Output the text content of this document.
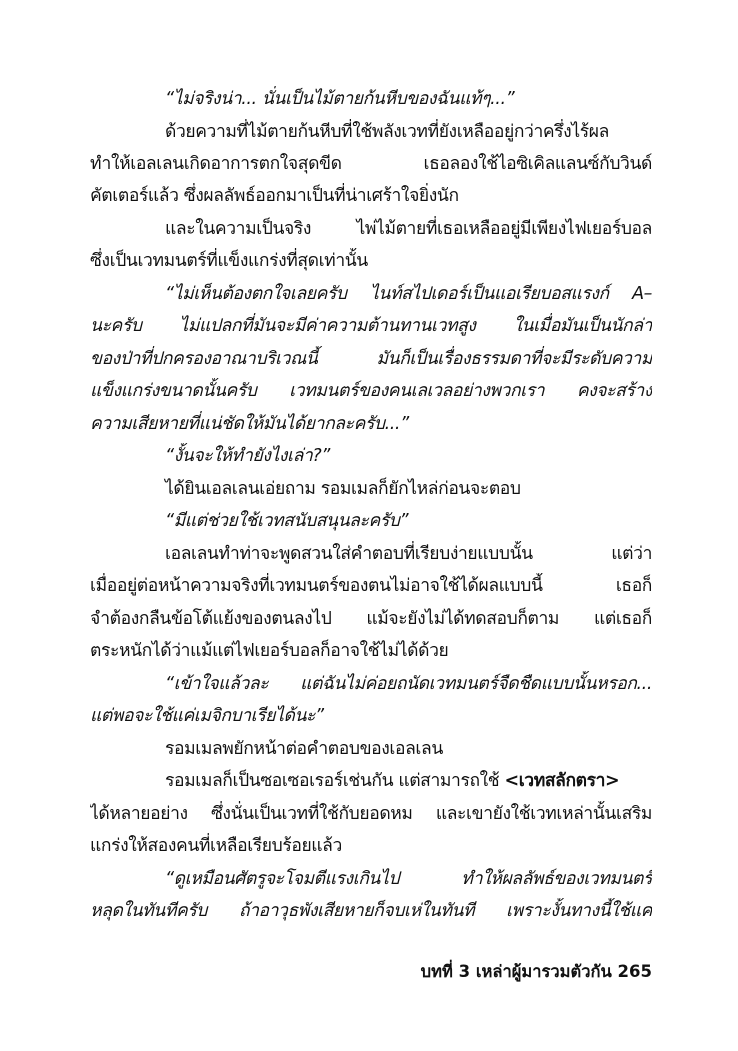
“ไม่จริงน่า... นั่นเป็นไม้ตายก้นหีบของฉันแท้ๆ...”
ด้วยความที่ไม้ตายก้นหีบที่ใช้พลังเวทที่ยังเหลืออยู่กว่าครึ่งไร้ผล
ทำให้เอลเลนเกิดอาการตกใจสุดขีด เธอลองใช้ไอซิเคิลแลนซ์กับวินด์
คัตเตอร์แล้ว ซึ่งผลลัพธ์ออกมาเป็นที่น่าเศร้าใจยิ่งนัก
และในความเป็นจริง ไพ่ไม้ตายที่เธอเหลืออยู่มีเพียงไฟเยอร์บอล
ซึ่งเป็นเวทมนตร์ที่แข็งแกร่งที่สุดเท่านั้น
“ไม่เห็นต้องตกใจเลยครับ ไนท์สไปเดอร์เป็นแอเรียบอสแรงก์ A–
นะครับ ไม่แปลกที่มันจะมีค่าความต้านทานเวทสูง ในเมื่อมันเป็นนักล่า
ของป่าที่ปกครองอาณาบริเวณนี้ มันก็เป็นเรื่องธรรมดาที่จะมีระดับความ
แข็งแกร่งขนาดนั้นครับ เวทมนตร์ของคนเลเวลอย่างพวกเรา คงจะสร้าง
ความเสียหายที่แน่ชัดให้มันได้ยากละครับ...”
“งั้นจะให้ทำยังไงเล่า?”
ได้ยินเอลเลนเอ่ยถาม รอมเมลก็ยักไหล่ก่อนจะตอบ
“มีแต่ช่วยใช้เวทสนับสนุนละครับ”
เอลเลนทำท่าจะพูดสวนใส่คำตอบที่เรียบง่ายแบบนั้น แต่ว่า
เมื่ออยู่ต่อหน้าความจริงที่เวทมนตร์ของตนไม่อาจใช้ได้ผลแบบนี้ เธอก็
จำต้องกลืนข้อโต้แย้งของตนลงไป แม้จะยังไม่ได้ทดสอบก็ตาม แต่เธอก็
ตระหนักได้ว่าแม้แต่ไฟเยอร์บอลก็อาจใช้ไม่ได้ด้วย
“เข้าใจแล้วละ แต่ฉันไม่ค่อยถนัดเวทมนตร์จืดชืดแบบนั้นหรอก...
แต่พอจะใช้แค่เมจิกบาเรียได้นะ”
รอมเมลพยักหน้าต่อคำตอบของเอลเลน
รอมเมลก็เป็นซอเซอเรอร์เช่นกัน แต่สามารถใช้ <เวทสลักตรา>
ได้หลายอย่าง ซึ่งนั่นเป็นเวทที่ใช้กับยอดหม และเขายังใช้เวทเหล่านั้นเสริม
แกร่งให้สองคนที่เหลือเรียบร้อยแล้ว
“ดูเหมือนศัตรูจะโจมตีแรงเกินไป ทำให้ผลลัพธ์ของเวทมนตร์
หลุดในทันทีครับ ถ้าอาวุธพังเสียหายก็จบเห่ในทันที เพราะงั้นทางนี้ใช้แค่
บทที่ 3 เหล่าผู้มารวมตัวกัน 265
